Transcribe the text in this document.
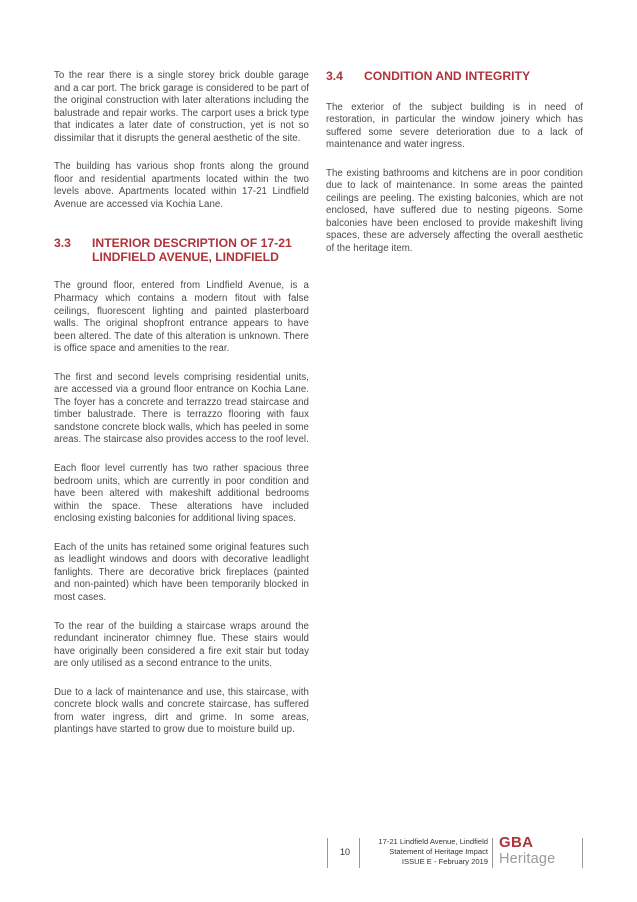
To the rear there is a single storey brick double garage and a car port. The brick garage is considered to be part of the original construction with later alterations including the balustrade and repair works. The carport uses a brick type that indicates a later date of construction, yet is not so dissimilar that it disrupts the general aesthetic of the site.

The building has various shop fronts along the ground floor and residential apartments located within the two levels above. Apartments located within 17-21 Lindfield Avenue are accessed via Kochia Lane.

3.3	INTERIOR DESCRIPTION OF 17-21 LINDFIELD AVENUE, LINDFIELD

The ground floor, entered from Lindfield Avenue, is a Pharmacy which contains a modern fitout with false ceilings, fluorescent lighting and painted plasterboard walls. The original shopfront entrance appears to have been altered. The date of this alteration is unknown. There is office space and amenities to the rear.

The first and second levels comprising residential units, are accessed via a ground floor entrance on Kochia Lane. The foyer has a concrete and terrazzo tread staircase and timber balustrade. There is terrazzo flooring with faux sandstone concrete block walls, which has peeled in some areas. The staircase also provides access to the roof level.

Each floor level currently has two rather spacious three bedroom units, which are currently in poor condition and have been altered with makeshift additional bedrooms within the space. These alterations have included enclosing existing balconies for additional living spaces.

Each of the units has retained some original features such as leadlight windows and doors with decorative leadlight fanlights. There are decorative brick fireplaces (painted and non-painted) which have been temporarily blocked in most cases.

To the rear of the building a staircase wraps around the redundant incinerator chimney flue. These stairs would have originally been considered a fire exit stair but today are only utilised as a second entrance to the units.

Due to a lack of maintenance and use, this staircase, with concrete block walls and concrete staircase, has suffered from water ingress, dirt and grime. In some areas, plantings have started to grow due to moisture build up.

3.4	CONDITION AND INTEGRITY

The exterior of the subject building is in need of restoration, in particular the window joinery which has suffered some severe deterioration due to a lack of maintenance and water ingress.

The existing bathrooms and kitchens are in poor condition due to lack of maintenance. In some areas the painted ceilings are peeling. The existing balconies, which are not enclosed, have suffered due to nesting pigeons. Some balconies have been enclosed to provide makeshift living spaces, these are adversely affecting the overall aesthetic of the heritage item.

10
17-21 Lindfield Avenue, Lindfield
Statement of Heritage Impact
ISSUE E - February 2019
GBA
Heritage
